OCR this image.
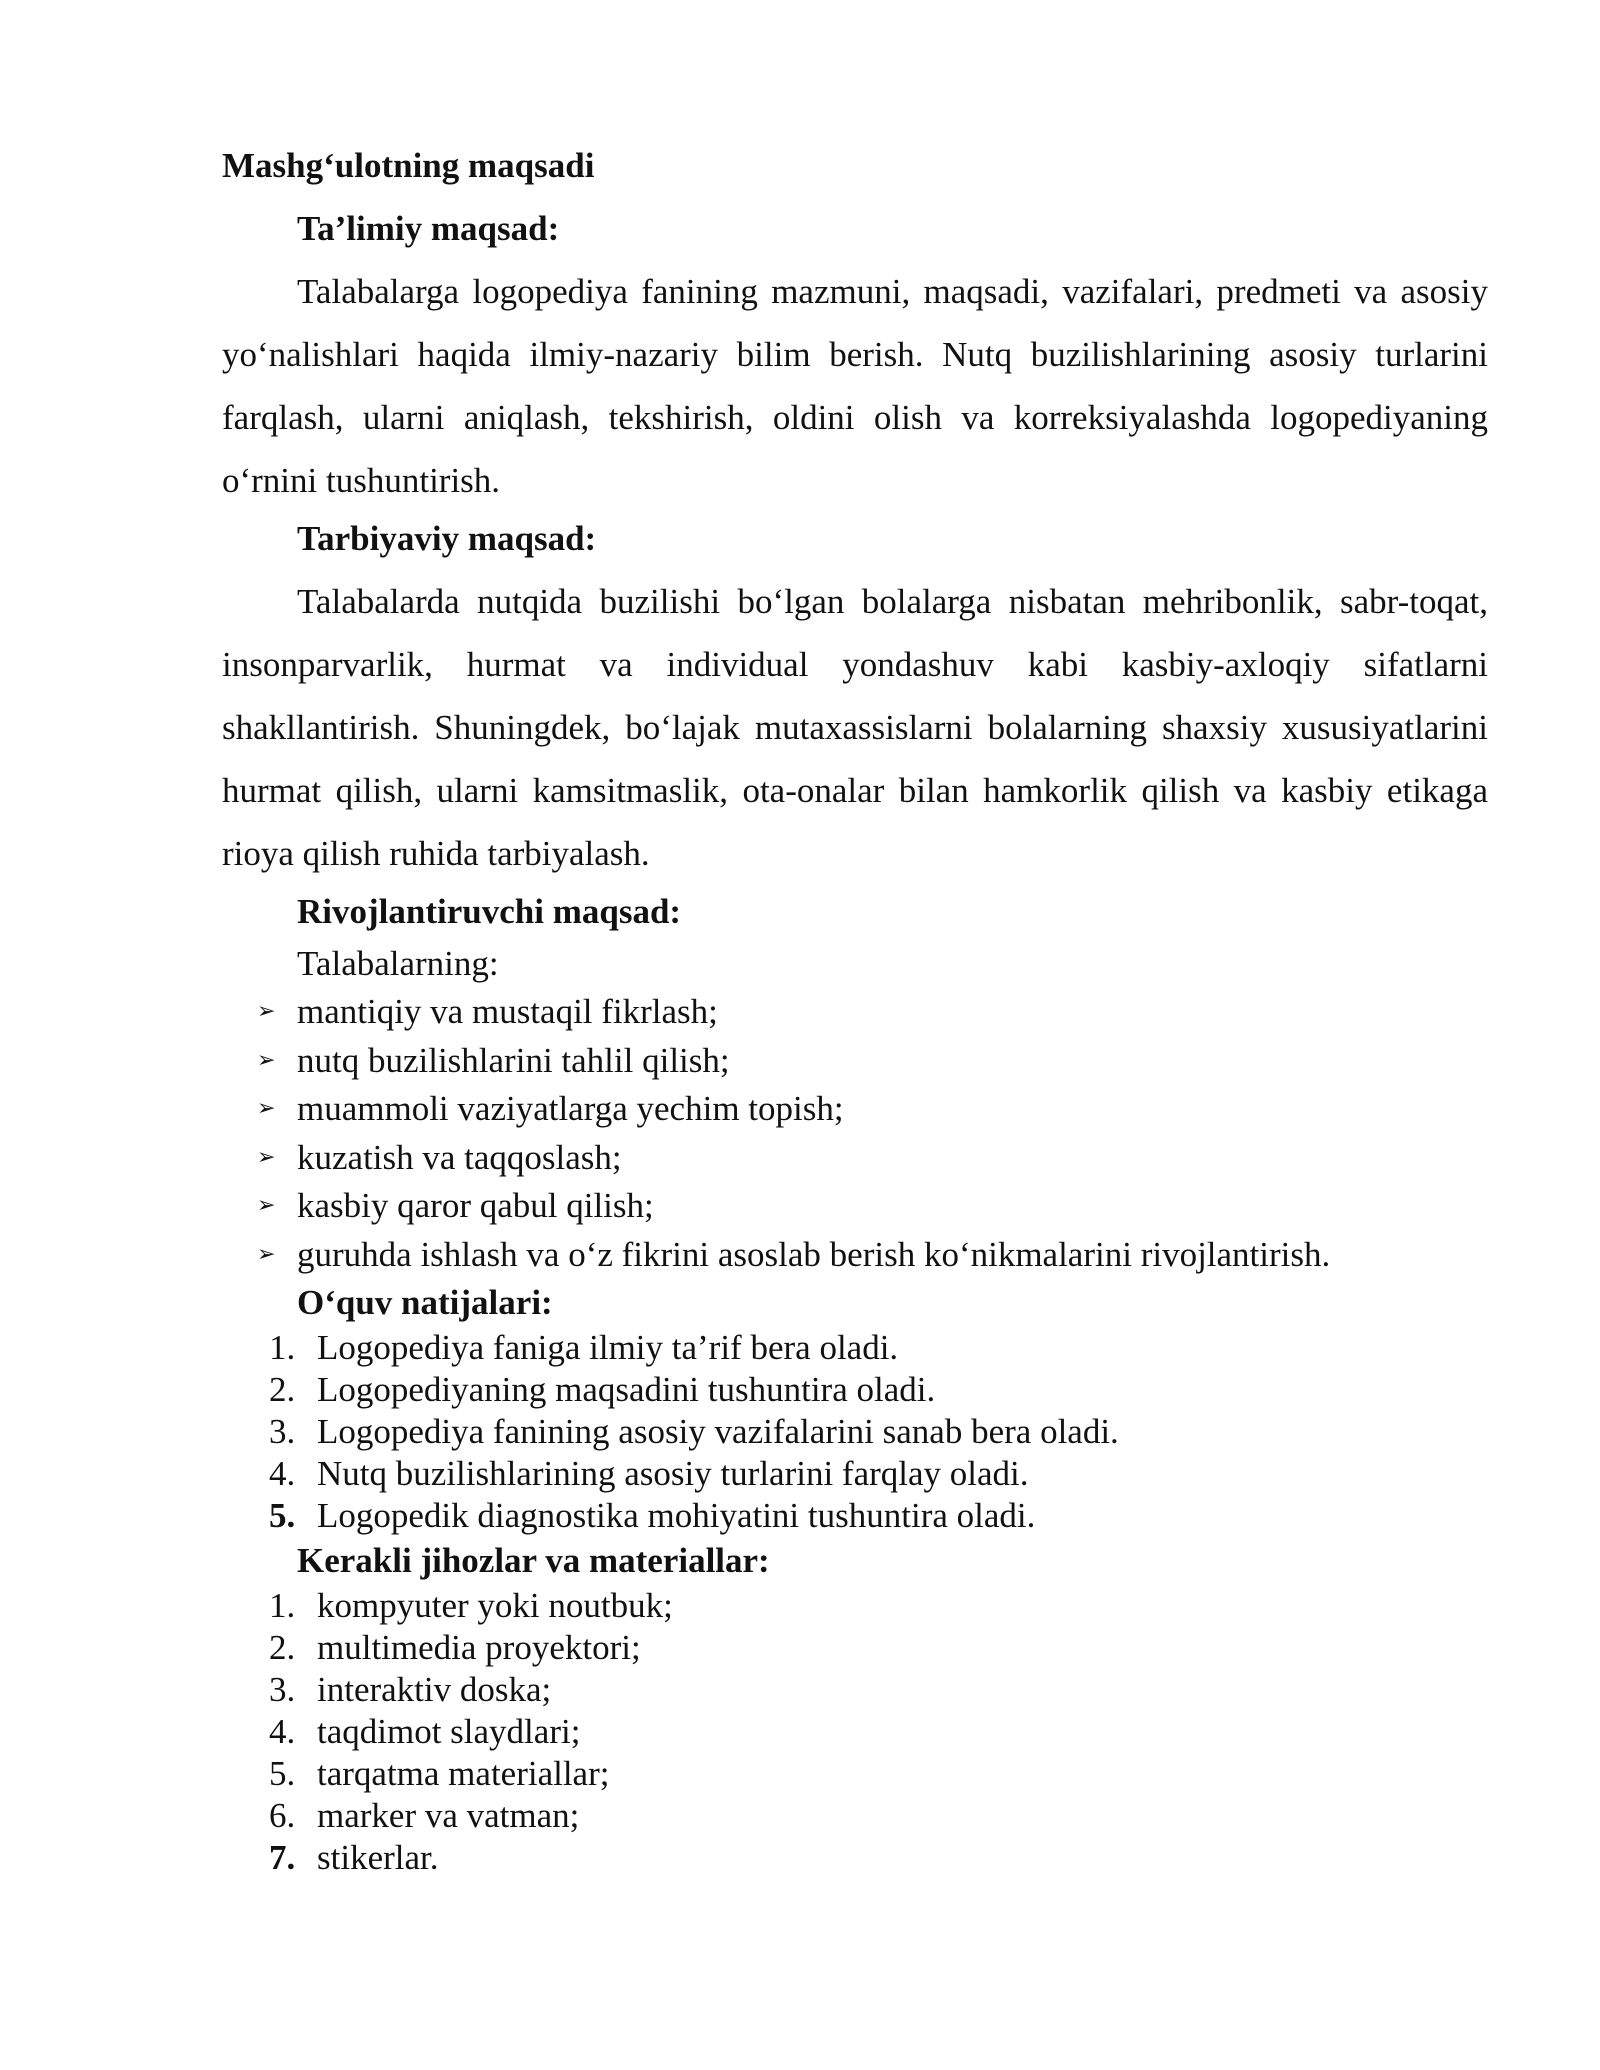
Mashg‘ulotning maqsadi
Ta’limiy maqsad:

Talabalarga logopediya fanining mazmuni, maqsadi, vazifalari, predmeti va asosiy yo‘nalishlari haqida ilmiy-nazariy bilim berish. Nutq buzilishlarining asosiy turlarini farqlash, ularni aniqlash, tekshirish, oldini olish va korreksiyalashda logopediyaning o‘rnini tushuntirish.

Tarbiyaviy maqsad:

Talabalarda nutqida buzilishi bo‘lgan bolalarga nisbatan mehribonlik, sabr-toqat, insonparvarlik, hurmat va individual yondashuv kabi kasbiy-axloqiy sifatlarni shakllantirish. Shuningdek, bo‘lajak mutaxassislarni bolalarning shaxsiy xususiyatlarini hurmat qilish, ularni kamsitmaslik, ota-onalar bilan hamkorlik qilish va kasbiy etikaga rioya qilish ruhida tarbiyalash.

Rivojlantiruvchi maqsad:

Talabalarning:

➢ mantiqiy va mustaqil fikrlash;
➢ nutq buzilishlarini tahlil qilish;
➢ muammoli vaziyatlarga yechim topish;
➢ kuzatish va taqqoslash;
➢ kasbiy qaror qabul qilish;
➢ guruhda ishlash va o‘z fikrini asoslab berish ko‘nikmalarini rivojlantirish.
O‘quv natijalari:
1. Logopediya faniga ilmiy ta’rif bera oladi.
2. Logopediyaning maqsadini tushuntira oladi.
3. Logopediya fanining asosiy vazifalarini sanab bera oladi.
4. Nutq buzilishlarining asosiy turlarini farqlay oladi.
5. Logopedik diagnostika mohiyatini tushuntira oladi.
Kerakli jihozlar va materiallar:
1. kompyuter yoki noutbuk;
2. multimedia proyektori;
3. interaktiv doska;
4. taqdimot slaydlari;
5. tarqatma materiallar;
6. marker va vatman;
7. stikerlar.
